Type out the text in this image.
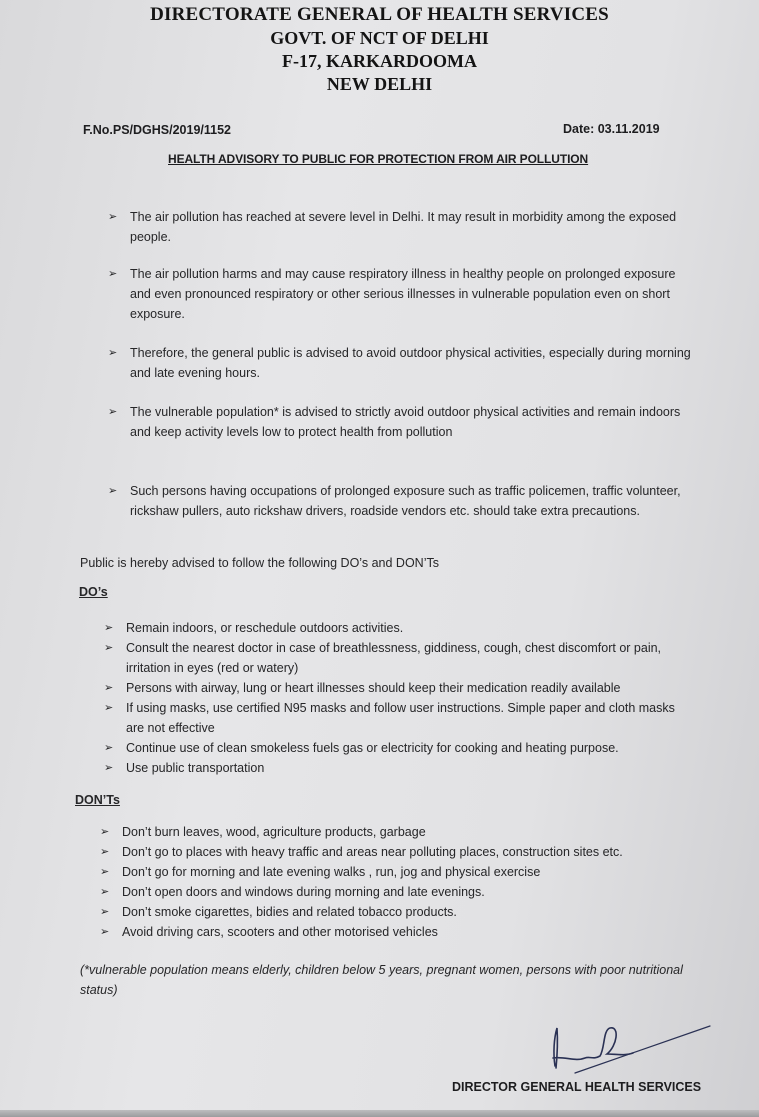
DIRECTORATE GENERAL OF HEALTH SERVICES
GOVT. OF NCT OF DELHI
F-17, KARKARDOOMA
NEW DELHI
F.No.PS/DGHS/2019/1152	Date: 03.11.2019
HEALTH ADVISORY TO PUBLIC FOR PROTECTION FROM AIR POLLUTION
➢ The air pollution has reached at severe level in Delhi. It may result in morbidity among the exposed people.
➢ The air pollution harms and may cause respiratory illness in healthy people on prolonged exposure and even pronounced respiratory or other serious illnesses in vulnerable population even on short exposure.
➢ Therefore, the general public is advised to avoid outdoor physical activities, especially during morning and late evening hours.
➢ The vulnerable population* is advised to strictly avoid outdoor physical activities and remain indoors and keep activity levels low to protect health from pollution
➢ Such persons having occupations of prolonged exposure such as traffic policemen, traffic volunteer, rickshaw pullers, auto rickshaw drivers, roadside vendors etc. should take extra precautions.
Public is hereby advised to follow the following DO’s and DON’Ts
DO’s
➢ Remain indoors, or reschedule outdoors activities.
➢ Consult the nearest doctor in case of breathlessness, giddiness, cough, chest discomfort or pain, irritation in eyes (red or watery)
➢ Persons with airway, lung or heart illnesses should keep their medication readily available
➢ If using masks, use certified N95 masks and follow user instructions. Simple paper and cloth masks are not effective
➢ Continue use of clean smokeless fuels gas or electricity for cooking and heating purpose.
➢ Use public transportation
DON’Ts
➢ Don’t burn leaves, wood, agriculture products, garbage
➢ Don’t go to places with heavy traffic and areas near polluting places, construction sites etc.
➢ Don’t go for morning and late evening walks , run, jog and physical exercise
➢ Don’t open doors and windows during morning and late evenings.
➢ Don’t smoke cigarettes, bidies and related tobacco products.
➢ Avoid driving cars, scooters and other motorised vehicles
(*vulnerable population means elderly, children below 5 years, pregnant women, persons with poor nutritional status)
DIRECTOR GENERAL HEALTH SERVICES
